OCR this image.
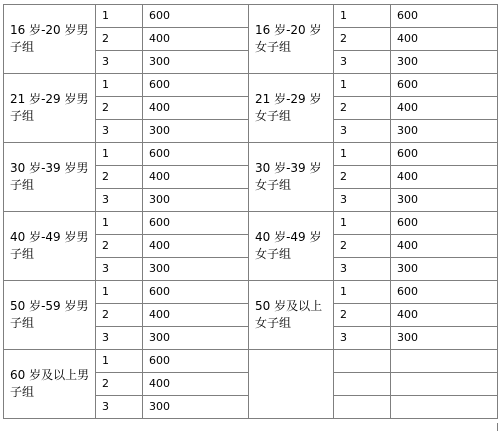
16 岁-20 岁男子组	1	600	16 岁-20 岁女子组	1	600
	2	400		2	400
	3	300		3	300
21 岁-29 岁男子组	1	600	21 岁-29 岁女子组	1	600
	2	400		2	400
	3	300		3	300
30 岁-39 岁男子组	1	600	30 岁-39 岁女子组	1	600
	2	400		2	400
	3	300		3	300
40 岁-49 岁男子组	1	600	40 岁-49 岁女子组	1	600
	2	400		2	400
	3	300		3	300
50 岁-59 岁男子组	1	600	50 岁及以上女子组	1	600
	2	400		2	400
	3	300		3	300
60 岁及以上男子组	1	600			
	2	400			
	3	300			
